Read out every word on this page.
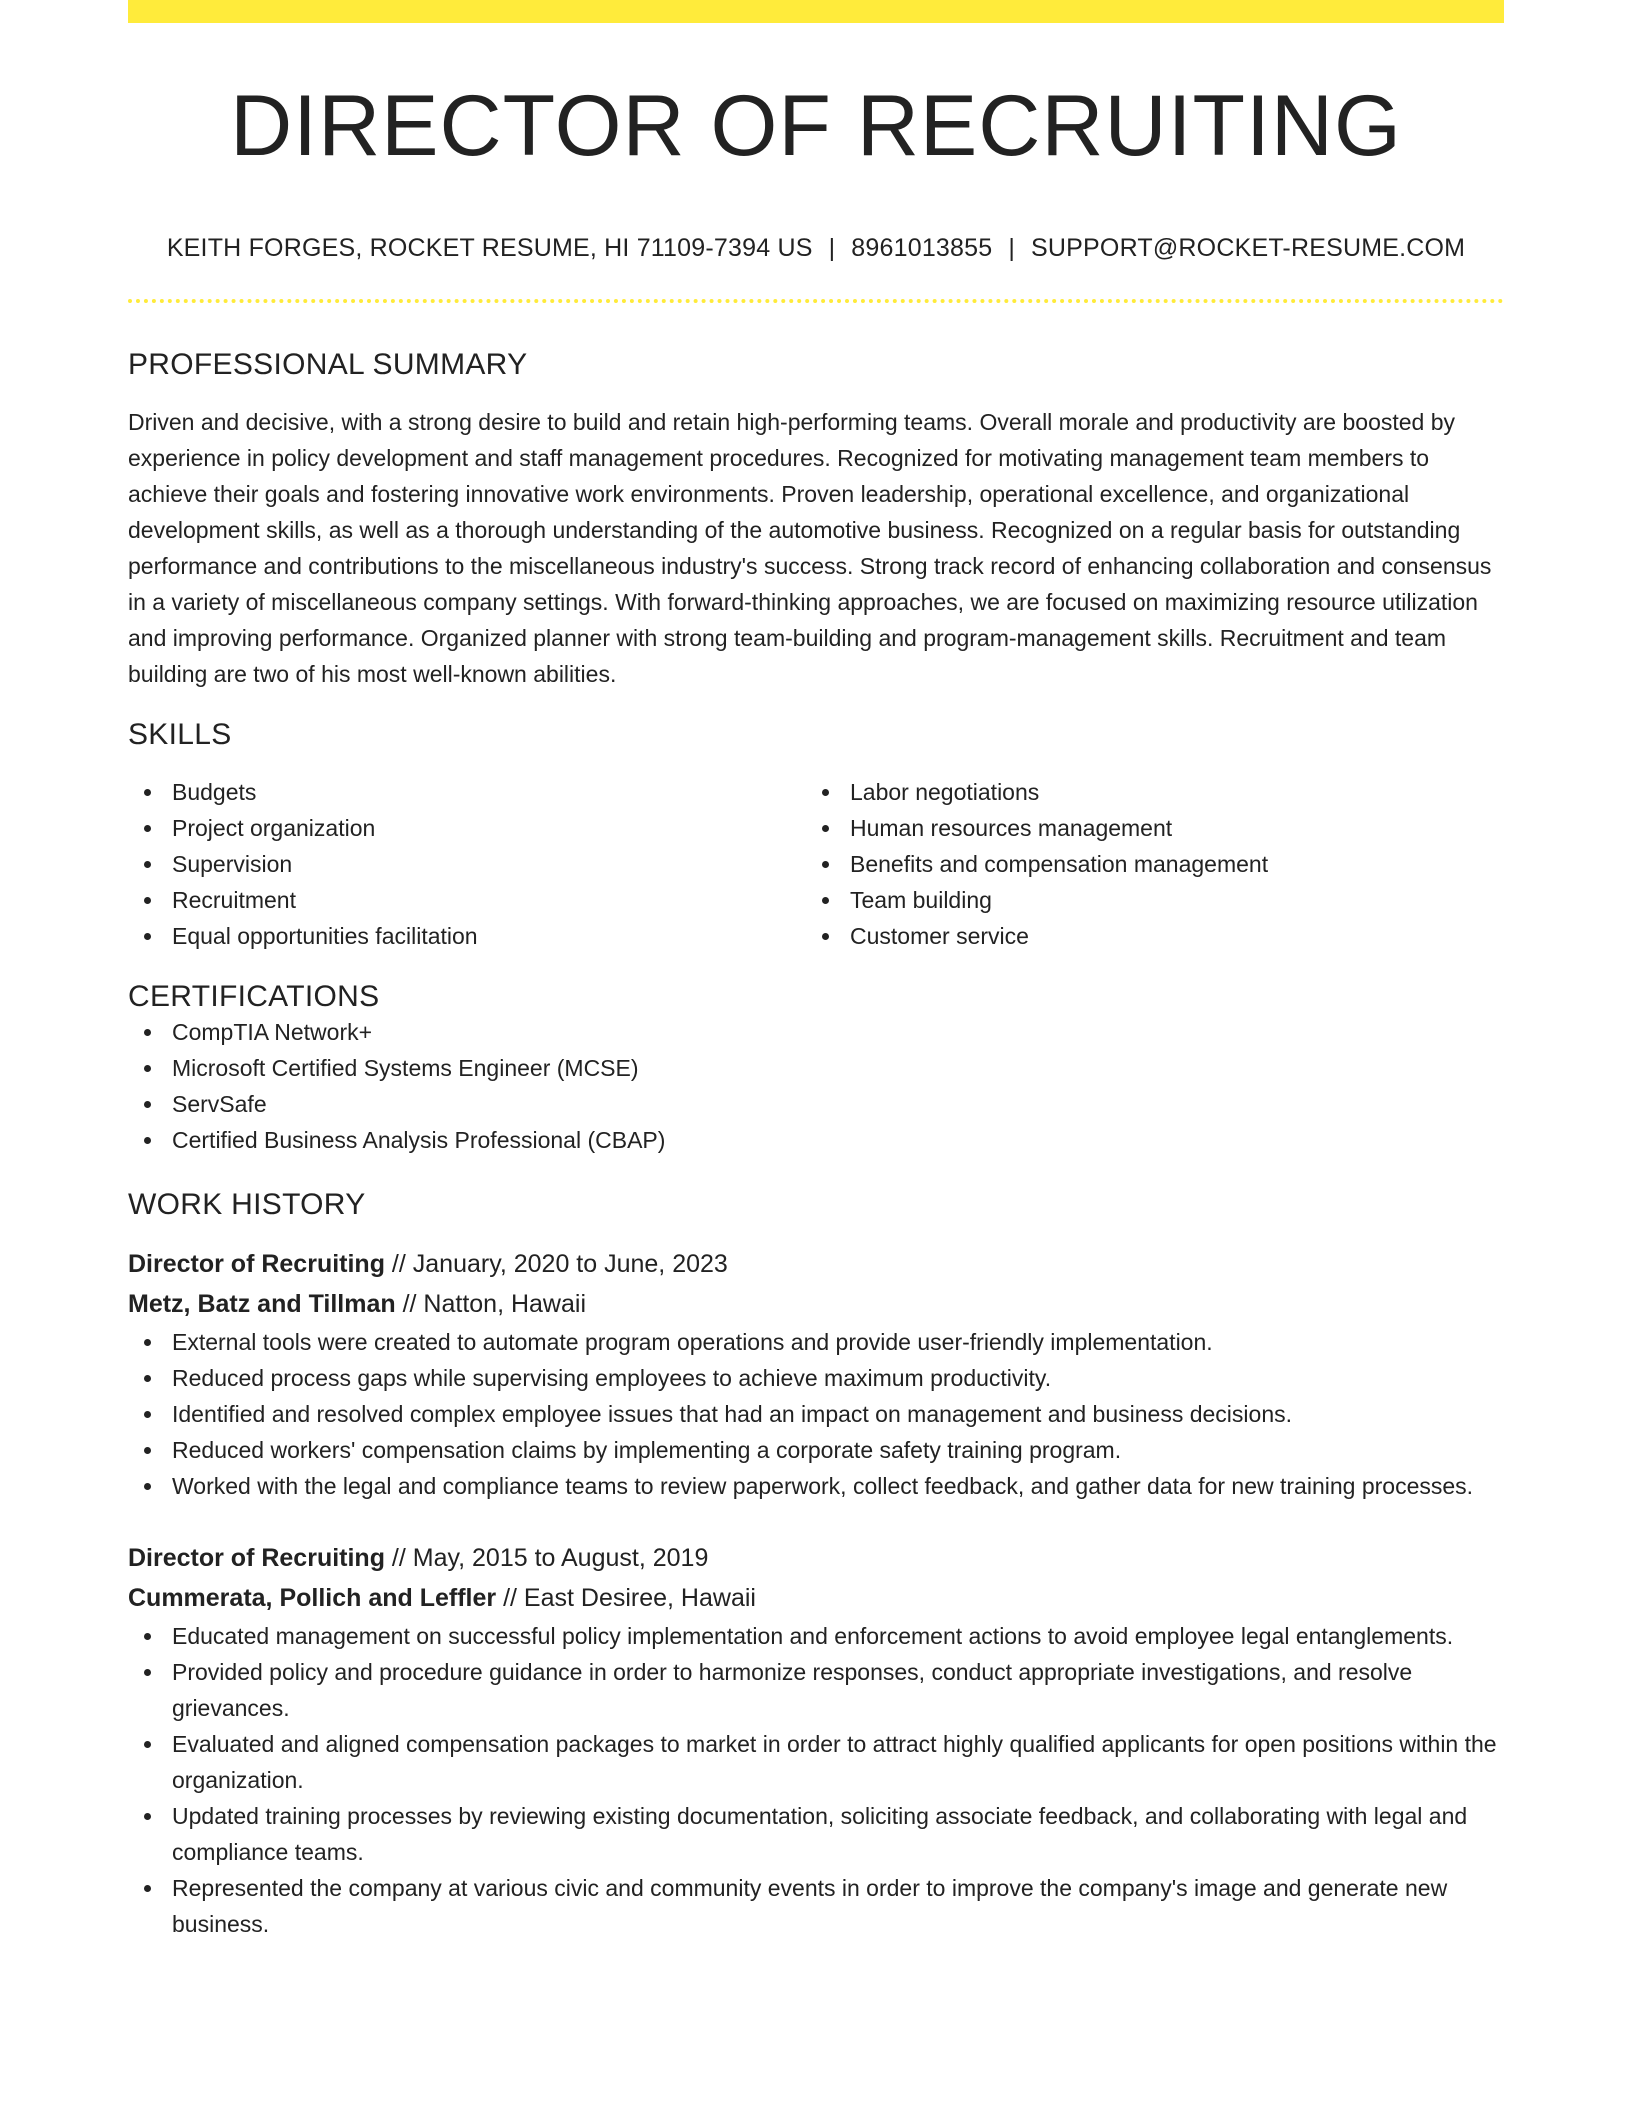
DIRECTOR OF RECRUITING
KEITH FORGES, ROCKET RESUME, HI 71109-7394 US | 8961013855 | SUPPORT@ROCKET-RESUME.COM
PROFESSIONAL SUMMARY

Driven and decisive, with a strong desire to build and retain high-performing teams. Overall morale and productivity are boosted by experience in policy development and staff management procedures. Recognized for motivating management team members to achieve their goals and fostering innovative work environments. Proven leadership, operational excellence, and organizational development skills, as well as a thorough understanding of the automotive business. Recognized on a regular basis for outstanding performance and contributions to the miscellaneous industry's success. Strong track record of enhancing collaboration and consensus in a variety of miscellaneous company settings. With forward-thinking approaches, we are focused on maximizing resource utilization and improving performance. Organized planner with strong team-building and program-management skills. Recruitment and team building are two of his most well-known abilities.

SKILLS
Budgets
Project organization
Supervision
Recruitment
Equal opportunities facilitation
Labor negotiations
Human resources management
Benefits and compensation management
Team building
Customer service
CERTIFICATIONS
CompTIA Network+
Microsoft Certified Systems Engineer (MCSE)
ServSafe
Certified Business Analysis Professional (CBAP)
WORK HISTORY
Director of Recruiting // January, 2020 to June, 2023
Metz, Batz and Tillman // Natton, Hawaii
External tools were created to automate program operations and provide user-friendly implementation.
Reduced process gaps while supervising employees to achieve maximum productivity.
Identified and resolved complex employee issues that had an impact on management and business decisions.
Reduced workers' compensation claims by implementing a corporate safety training program.
Worked with the legal and compliance teams to review paperwork, collect feedback, and gather data for new training processes.
Director of Recruiting // May, 2015 to August, 2019
Cummerata, Pollich and Leffler // East Desiree, Hawaii
Educated management on successful policy implementation and enforcement actions to avoid employee legal entanglements.
Provided policy and procedure guidance in order to harmonize responses, conduct appropriate investigations, and resolve grievances.
Evaluated and aligned compensation packages to market in order to attract highly qualified applicants for open positions within the organization.
Updated training processes by reviewing existing documentation, soliciting associate feedback, and collaborating with legal and compliance teams.
Represented the company at various civic and community events in order to improve the company's image and generate new business.
